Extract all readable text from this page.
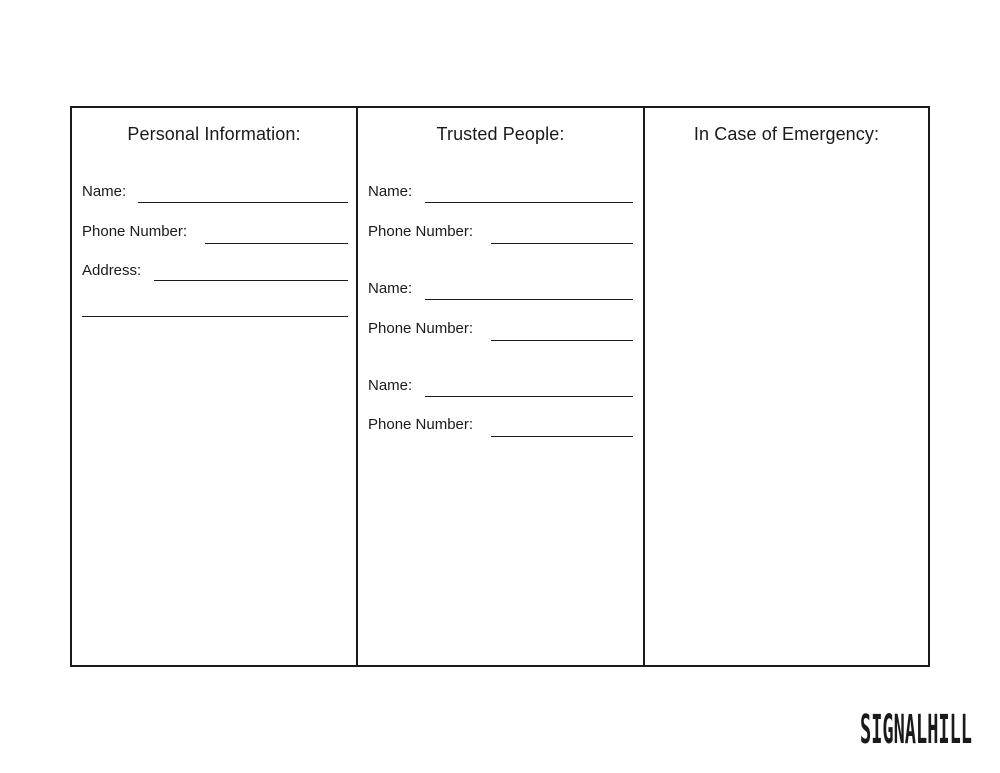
Personal Information:
Name:
Phone Number:
Address:
Trusted People:
Name:
Phone Number:
Name:
Phone Number:
Name:
Phone Number:
In Case of Emergency:
SIGNALHILL
